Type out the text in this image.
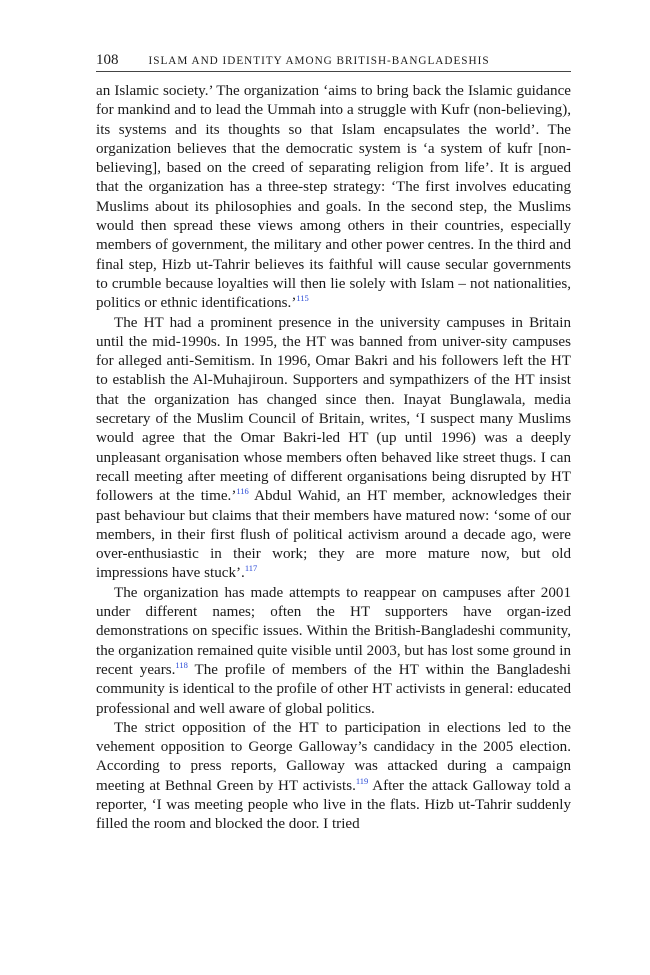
108	ISLAM AND IDENTITY AMONG BRITISH-BANGLADESHIS

an Islamic society.’ The organization ‘aims to bring back the Islamic guidance for mankind and to lead the Ummah into a struggle with Kufr (non-believing), its systems and its thoughts so that Islam encapsulates the world’. The organization believes that the democratic system is ‘a system of kufr [non-believing], based on the creed of separating religion from life’. It is argued that the organization has a three-step strategy: ‘The first involves educating Muslims about its philosophies and goals. In the second step, the Muslims would then spread these views among others in their countries, especially members of government, the military and other power centres. In the third and final step, Hizb ut-Tahrir believes its faithful will cause secular governments to crumble because loyalties will then lie solely with Islam – not nationalities, politics or ethnic identifications.’$^{115}$

The HT had a prominent presence in the university campuses in Britain until the mid-1990s. In 1995, the HT was banned from univer-sity campuses for alleged anti-Semitism. In 1996, Omar Bakri and his followers left the HT to establish the Al-Muhajiroun. Supporters and sympathizers of the HT insist that the organization has changed since then. Inayat Bunglawala, media secretary of the Muslim Council of Britain, writes, ‘I suspect many Muslims would agree that the Omar Bakri-led HT (up until 1996) was a deeply unpleasant organisation whose members often behaved like street thugs. I can recall meeting after meeting of different organisations being disrupted by HT followers at the time.’$^{116}$ Abdul Wahid, an HT member, acknowledges their past behaviour but claims that their members have matured now: ‘some of our members, in their first flush of political activism around a decade ago, were over-enthusiastic in their work; they are more mature now, but old impressions have stuck’.$^{117}$

The organization has made attempts to reappear on campuses after 2001 under different names; often the HT supporters have organ-ized demonstrations on specific issues. Within the British-Bangladeshi community, the organization remained quite visible until 2003, but has lost some ground in recent years.$^{118}$ The profile of members of the HT within the Bangladeshi community is identical to the profile of other HT activists in general: educated professional and well aware of global politics.

The strict opposition of the HT to participation in elections led to the vehement opposition to George Galloway’s candidacy in the 2005 election. According to press reports, Galloway was attacked during a campaign meeting at Bethnal Green by HT activists.$^{119}$ After the attack Galloway told a reporter, ‘I was meeting people who live in the flats. Hizb ut-Tahrir suddenly filled the room and blocked the door. I tried
